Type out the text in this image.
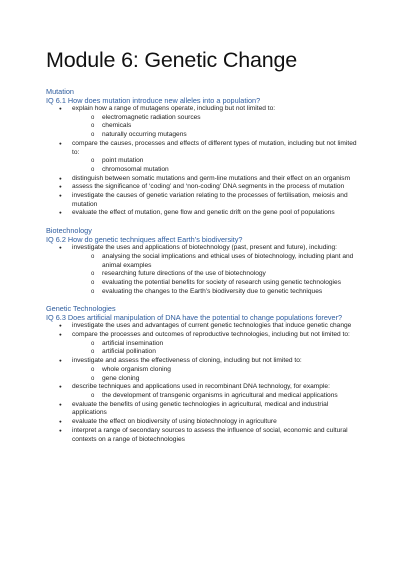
Module 6: Genetic Change
Mutation
IQ 6.1 How does mutation introduce new alleles into a population?
● explain how a range of mutagens operate, including but not limited to:
o electromagnetic radiation sources
o chemicals
o naturally occurring mutagens
● compare the causes, processes and effects of different types of mutation, including but not limited to:
o point mutation
o chromosomal mutation
● distinguish between somatic mutations and germ-line mutations and their effect on an organism
● assess the significance of ‘coding’ and ‘non-coding’ DNA segments in the process of mutation
● investigate the causes of genetic variation relating to the processes of fertilisation, meiosis and mutation
● evaluate the effect of mutation, gene flow and genetic drift on the gene pool of populations
Biotechnology
IQ 6.2 How do genetic techniques affect Earth’s biodiversity?
● investigate the uses and applications of biotechnology (past, present and future), including:
o analysing the social implications and ethical uses of biotechnology, including plant and animal examples
o researching future directions of the use of biotechnology
o evaluating the potential benefits for society of research using genetic technologies
o evaluating the changes to the Earth’s biodiversity due to genetic techniques
Genetic Technologies
IQ 6.3 Does artificial manipulation of DNA have the potential to change populations forever?
● investigate the uses and advantages of current genetic technologies that induce genetic change
● compare the processes and outcomes of reproductive technologies, including but not limited to:
o artificial insemination
o artificial pollination
● investigate and assess the effectiveness of cloning, including but not limited to:
o whole organism cloning
o gene cloning
● describe techniques and applications used in recombinant DNA technology, for example:
o the development of transgenic organisms in agricultural and medical applications
● evaluate the benefits of using genetic technologies in agricultural, medical and industrial applications
● evaluate the effect on biodiversity of using biotechnology in agriculture
● interpret a range of secondary sources to assess the influence of social, economic and cultural contexts on a range of biotechnologies
